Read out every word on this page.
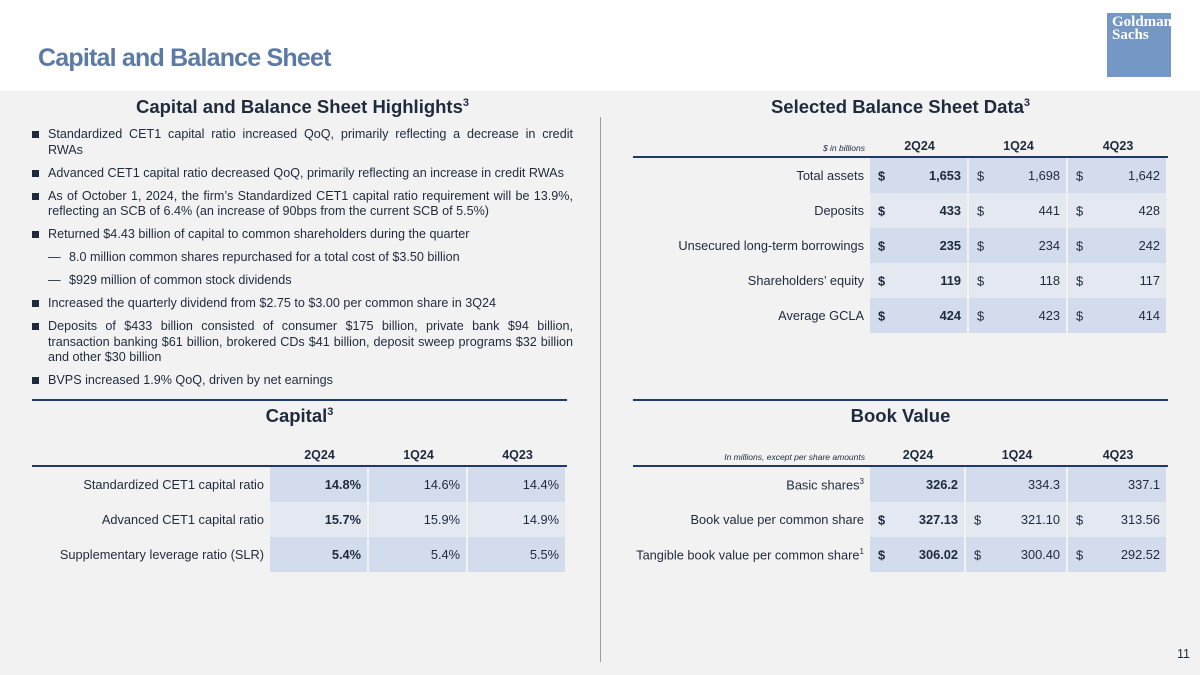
Capital and Balance Sheet
Goldman
Sachs
Capital and Balance Sheet Highlights$^3$
Standardized CET1 capital ratio increased QoQ, primarily reflecting a decrease in credit RWAs
Advanced CET1 capital ratio decreased QoQ, primarily reflecting an increase in credit RWAs
As of October 1, 2024, the firm’s Standardized CET1 capital ratio requirement will be 13.9%, reflecting an SCB of 6.4% (an increase of 90bps from the current SCB of 5.5%)
Returned $4.43 billion of capital to common shareholders during the quarter
— 8.0 million common shares repurchased for a total cost of $3.50 billion
— $929 million of common stock dividends
Increased the quarterly dividend from $2.75 to $3.00 per common share in 3Q24
Deposits of $433 billion consisted of consumer $175 billion, private bank $94 billion, transaction banking $61 billion, brokered CDs $41 billion, deposit sweep programs $32 billion and other $30 billion
BVPS increased 1.9% QoQ, driven by net earnings
Selected Balance Sheet Data$^3$
$ in billions	2Q24	1Q24	4Q23
Total assets	$ 1,653	$ 1,698	$ 1,642
Deposits	$ 433	$ 441	$ 428
Unsecured long-term borrowings	$ 235	$ 234	$ 242
Shareholders’ equity	$ 119	$ 118	$ 117
Average GCLA	$ 424	$ 423	$ 414
Capital$^3$
	2Q24	1Q24	4Q23
Standardized CET1 capital ratio	14.8%	14.6%	14.4%
Advanced CET1 capital ratio	15.7%	15.9%	14.9%
Supplementary leverage ratio (SLR)	5.4%	5.4%	5.5%
Book Value
In millions, except per share amounts	2Q24	1Q24	4Q23
Basic shares$^3$	326.2	334.3	337.1
Book value per common share	$ 327.13	$ 321.10	$ 313.56
Tangible book value per common share$^1$	$ 306.02	$ 300.40	$ 292.52
11
